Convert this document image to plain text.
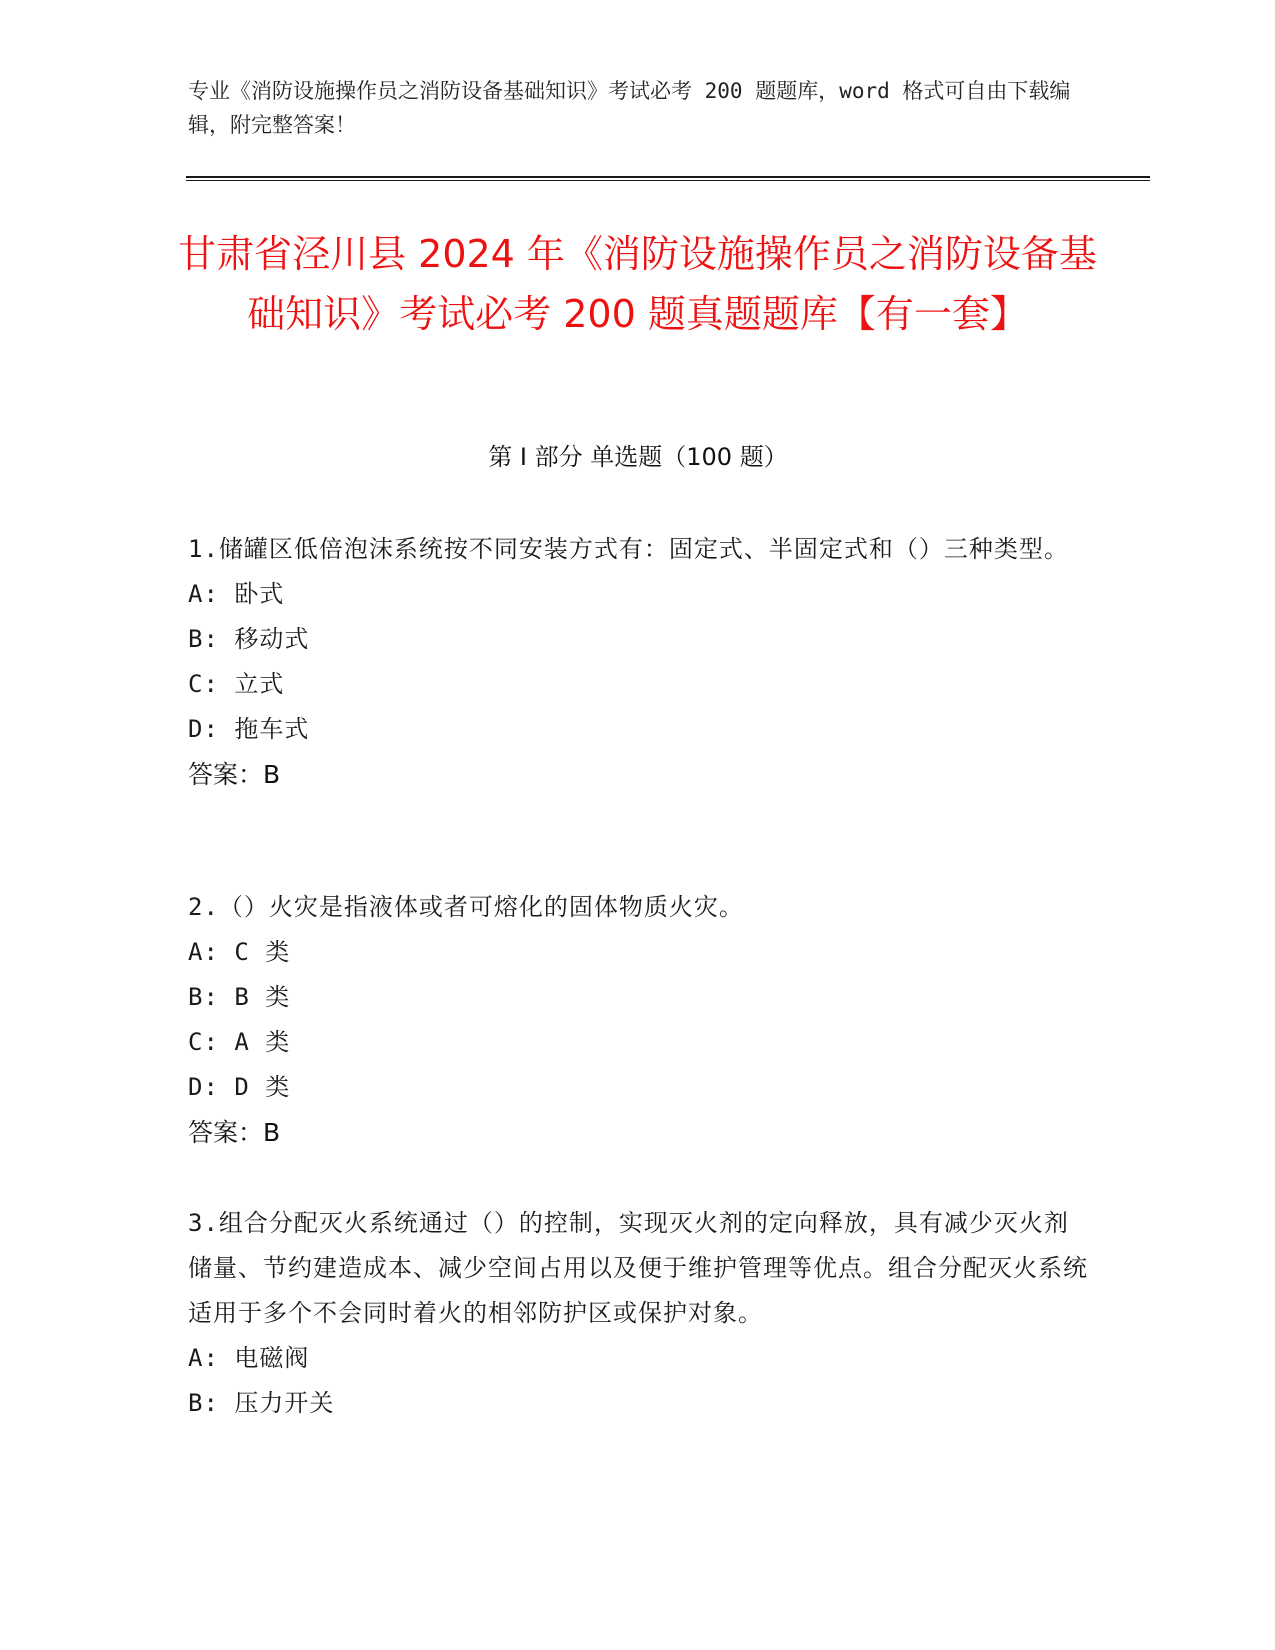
专业《消防设施操作员之消防设备基础知识》考试必考 200 题题库，word 格式可自由下载编辑，附完整答案！
甘肃省泾川县 2024 年《消防设施操作员之消防设备基础知识》考试必考 200 题真题题库【有一套】
第 I 部分 单选题（100 题）
1.储罐区低倍泡沫系统按不同安装方式有：固定式、半固定式和（）三种类型。
A: 卧式
B: 移动式
C: 立式
D: 拖车式
答案：B
2.（）火灾是指液体或者可熔化的固体物质火灾。
A: C 类
B: B 类
C: A 类
D: D 类
答案：B
3.组合分配灭火系统通过（）的控制，实现灭火剂的定向释放，具有减少灭火剂储量、节约建造成本、减少空间占用以及便于维护管理等优点。组合分配灭火系统适用于多个不会同时着火的相邻防护区或保护对象。
A: 电磁阀
B: 压力开关
